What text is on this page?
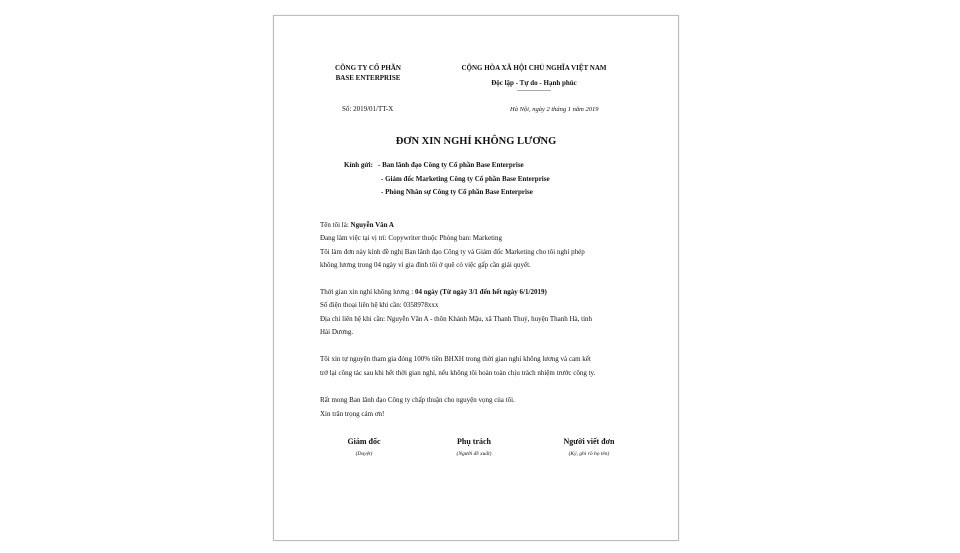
CÔNG TY CỔ PHẦN
BASE ENTERPRISE
CỘNG HÒA XÃ HỘI CHỦ NGHĨA VIỆT NAM
Độc lập - Tự do - Hạnh phúc
-----------------
Số: 2019/01/TT-X	Hà Nội, ngày 2 tháng 1 năm 2019
ĐƠN XIN NGHỈ KHÔNG LƯƠNG
Kính gửi: - Ban lãnh đạo Công ty Cổ phần Base Enterprise
- Giám đốc Marketing Công ty Cổ phần Base Enterprise
- Phòng Nhân sự Công ty Cổ phần Base Enterprise
Tên tôi là: Nguyễn Văn A
Đang làm việc tại vị trí: Copywriter thuộc Phòng ban: Marketing
Tôi làm đơn này kính đề nghị Ban lãnh đạo Công ty và Giám đốc Marketing cho tôi nghỉ phép
không lương trong 04 ngày vì gia đình tôi ở quê có việc gấp cần giải quyết.
Thời gian xin nghỉ không lương : 04 ngày (Từ ngày 3/1 đến hết ngày 6/1/2019)
Số điện thoại liên hệ khi cần: 0358978xxx
Địa chỉ liên hệ khi cần: Nguyễn Văn A - thôn Khánh Mậu, xã Thanh Thuỷ, huyện Thanh Hà, tỉnh
Hải Dương.
Tôi xin tự nguyện tham gia đóng 100% tiền BHXH trong thời gian nghỉ không lương và cam kết
trở lại công tác sau khi hết thời gian nghỉ, nếu không tôi hoàn toàn chịu trách nhiệm trước công ty.
Rất mong Ban lãnh đạo Công ty chấp thuận cho nguyện vọng của tôi.
Xin trân trọng cảm ơn!
Giám đốc
(Duyệt)
Phụ trách
(Người đề xuất)
Người viết đơn
(Ký, ghi rõ họ tên)
